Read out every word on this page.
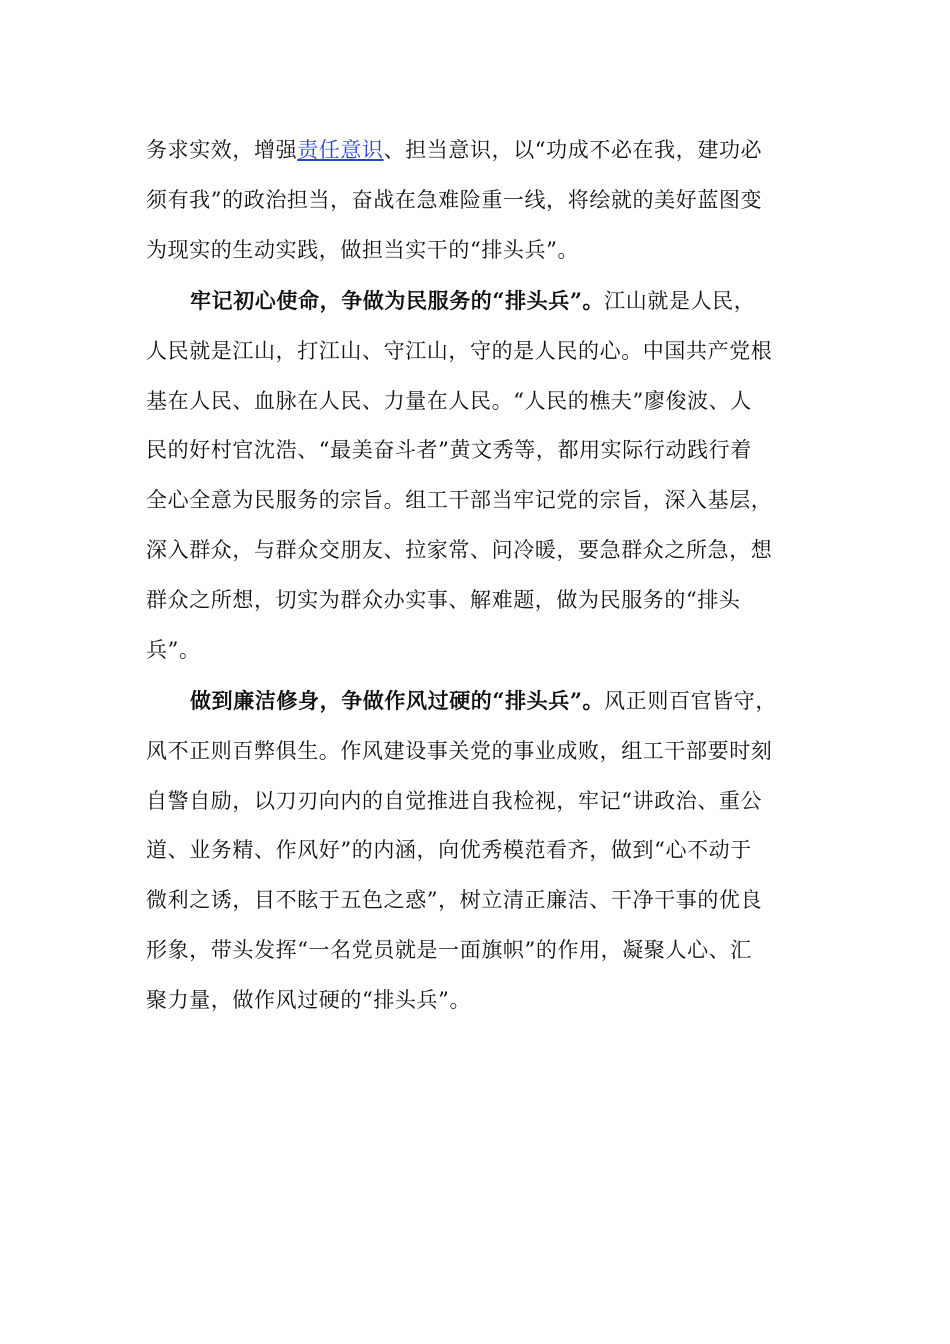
务求实效，增强责任意识、担当意识，以“功成不必在我，建功必
须有我”的政治担当，奋战在急难险重一线，将绘就的美好蓝图变
为现实的生动实践，做担当实干的“排头兵”。

牢记初心使命，争做为民服务的“排头兵”。江山就是人民，
人民就是江山，打江山、守江山，守的是人民的心。中国共产党根
基在人民、血脉在人民、力量在人民。“人民的樵夫”廖俊波、人
民的好村官沈浩、“最美奋斗者”黄文秀等，都用实际行动践行着
全心全意为民服务的宗旨。组工干部当牢记党的宗旨，深入基层，
深入群众，与群众交朋友、拉家常、问冷暖，要急群众之所急，想
群众之所想，切实为群众办实事、解难题，做为民服务的“排头
兵”。

做到廉洁修身，争做作风过硬的“排头兵”。风正则百官皆守，
风不正则百弊俱生。作风建设事关党的事业成败，组工干部要时刻
自警自励，以刀刃向内的自觉推进自我检视，牢记“讲政治、重公
道、业务精、作风好”的内涵，向优秀模范看齐，做到“心不动于
微利之诱，目不眩于五色之惑”，树立清正廉洁、干净干事的优良
形象，带头发挥“一名党员就是一面旗帜”的作用，凝聚人心、汇
聚力量，做作风过硬的“排头兵”。
